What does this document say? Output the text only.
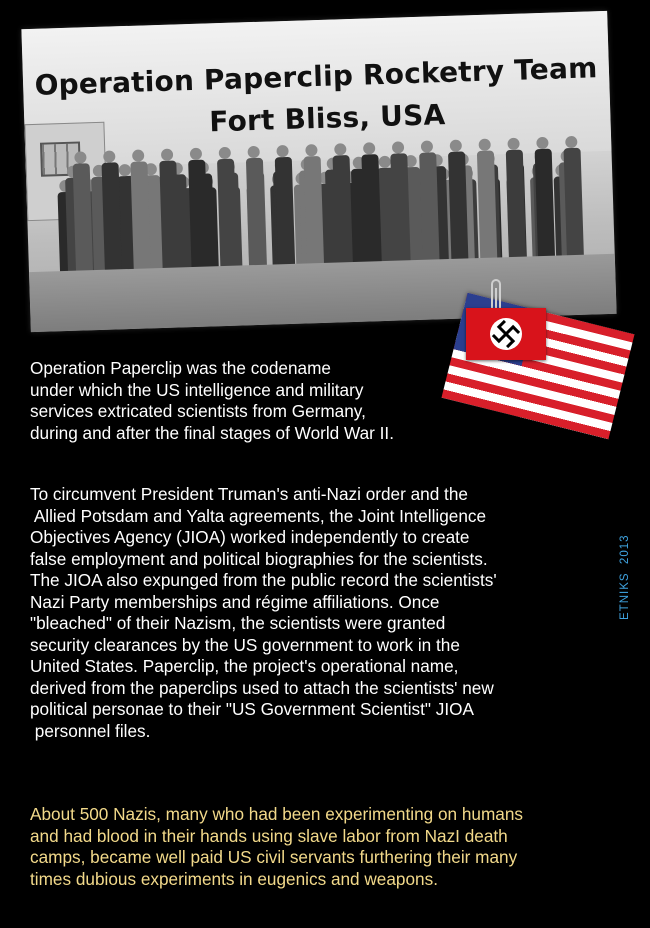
Operation Paperclip Rocketry Team
Fort Bliss, USA

Operation Paperclip was the codename
under which the US intelligence and military
services extricated scientists from Germany,
during and after the final stages of World War II.

To circumvent President Truman's anti-Nazi order and the
Allied Potsdam and Yalta agreements, the Joint Intelligence
Objectives Agency (JIOA) worked independently to create
false employment and political biographies for the scientists.
The JIOA also expunged from the public record the scientists'
Nazi Party memberships and régime affiliations. Once
"bleached" of their Nazism, the scientists were granted
security clearances by the US government to work in the
United States. Paperclip, the project's operational name,
derived from the paperclips used to attach the scientists' new
political personae to their "US Government Scientist" JIOA
personnel files.

About 500 Nazis, many who had been experimenting on humans
and had blood in their hands using slave labor from NazI death
camps, became well paid US civil servants furthering their many
times dubious experiments in eugenics and weapons.

ETNIKS  2013
